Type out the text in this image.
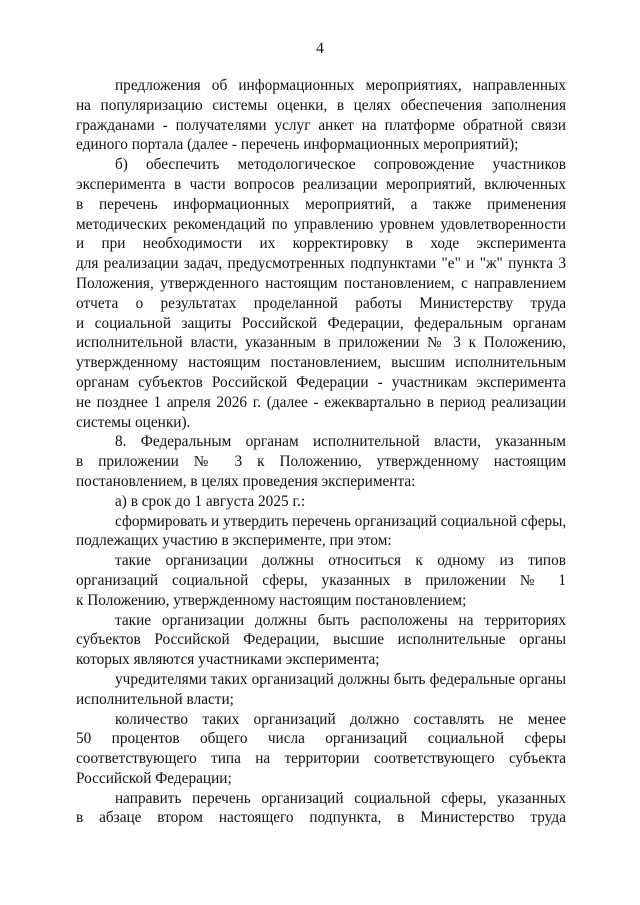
4
предложения об информационных мероприятиях, направленных
на популяризацию системы оценки, в целях обеспечения заполнения
гражданами - получателями услуг анкет на платформе обратной связи
единого портала (далее - перечень информационных мероприятий);
б) обеспечить методологическое сопровождение участников
эксперимента в части вопросов реализации мероприятий, включенных
в перечень информационных мероприятий, а также применения
методических рекомендаций по управлению уровнем удовлетворенности
и при необходимости их корректировку в ходе эксперимента
для реализации задач, предусмотренных подпунктами "е" и "ж" пункта 3
Положения, утвержденного настоящим постановлением, с направлением
отчета о результатах проделанной работы Министерству труда
и социальной защиты Российской Федерации, федеральным органам
исполнительной власти, указанным в приложении № 3 к Положению,
утвержденному настоящим постановлением, высшим исполнительным
органам субъектов Российской Федерации - участникам эксперимента
не позднее 1 апреля 2026 г. (далее - ежеквартально в период реализации
системы оценки).
8. Федеральным органам исполнительной власти, указанным
в приложении № 3 к Положению, утвержденному настоящим
постановлением, в целях проведения эксперимента:
а) в срок до 1 августа 2025 г.:
сформировать и утвердить перечень организаций социальной сферы,
подлежащих участию в эксперименте, при этом:
такие организации должны относиться к одному из типов
организаций социальной сферы, указанных в приложении № 1
к Положению, утвержденному настоящим постановлением;
такие организации должны быть расположены на территориях
субъектов Российской Федерации, высшие исполнительные органы
которых являются участниками эксперимента;
учредителями таких организаций должны быть федеральные органы
исполнительной власти;
количество таких организаций должно составлять не менее
50 процентов общего числа организаций социальной сферы
соответствующего типа на территории соответствующего субъекта
Российской Федерации;
направить перечень организаций социальной сферы, указанных
в абзаце втором настоящего подпункта, в Министерство труда
